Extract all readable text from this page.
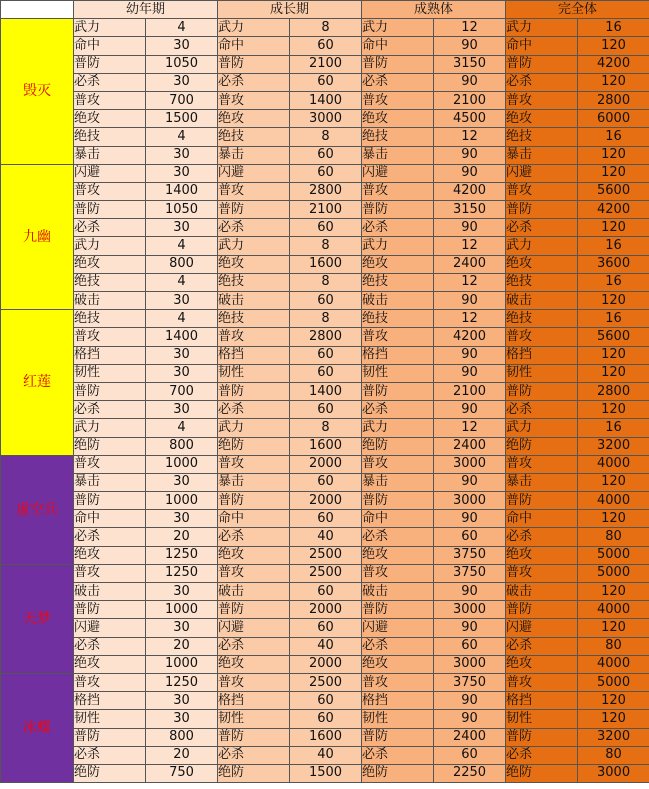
	幼年期		成长期		成熟体		完全体	
毁灭	武力	4	武力	8	武力	12	武力	16
	命中	30	命中	60	命中	90	命中	120
	普防	1050	普防	2100	普防	3150	普防	4200
	必杀	30	必杀	60	必杀	90	必杀	120
	普攻	700	普攻	1400	普攻	2100	普攻	2800
	绝攻	1500	绝攻	3000	绝攻	4500	绝攻	6000
	绝技	4	绝技	8	绝技	12	绝技	16
	暴击	30	暴击	60	暴击	90	暴击	120
九幽	闪避	30	闪避	60	闪避	90	闪避	120
	普攻	1400	普攻	2800	普攻	4200	普攻	5600
	普防	1050	普防	2100	普防	3150	普防	4200
	必杀	30	必杀	60	必杀	90	必杀	120
	武力	4	武力	8	武力	12	武力	16
	绝攻	800	绝攻	1600	绝攻	2400	绝攻	3600
	绝技	4	绝技	8	绝技	12	绝技	16
	破击	30	破击	60	破击	90	破击	120
红莲	绝技	4	绝技	8	绝技	12	绝技	16
	普攻	1400	普攻	2800	普攻	4200	普攻	5600
	格挡	30	格挡	60	格挡	90	格挡	120
	韧性	30	韧性	60	韧性	90	韧性	120
	普防	700	普防	1400	普防	2100	普防	2800
	必杀	30	必杀	60	必杀	90	必杀	120
	武力	4	武力	8	武力	12	武力	16
	绝防	800	绝防	1600	绝防	2400	绝防	3200
虚空兵	普攻	1000	普攻	2000	普攻	3000	普攻	4000
	暴击	30	暴击	60	暴击	90	暴击	120
	普防	1000	普防	2000	普防	3000	普防	4000
	命中	30	命中	60	命中	90	命中	120
	必杀	20	必杀	40	必杀	60	必杀	80
	绝攻	1250	绝攻	2500	绝攻	3750	绝攻	5000
天梦	普攻	1250	普攻	2500	普攻	3750	普攻	5000
	破击	30	破击	60	破击	90	破击	120
	普防	1000	普防	2000	普防	3000	普防	4000
	闪避	30	闪避	60	闪避	90	闪避	120
	必杀	20	必杀	40	必杀	60	必杀	80
	绝攻	1000	绝攻	2000	绝攻	3000	绝攻	4000
冰蝶	普攻	1250	普攻	2500	普攻	3750	普攻	5000
	格挡	30	格挡	60	格挡	90	格挡	120
	韧性	30	韧性	60	韧性	90	韧性	120
	普防	800	普防	1600	普防	2400	普防	3200
	必杀	20	必杀	40	必杀	60	必杀	80
	绝防	750	绝防	1500	绝防	2250	绝防	3000
